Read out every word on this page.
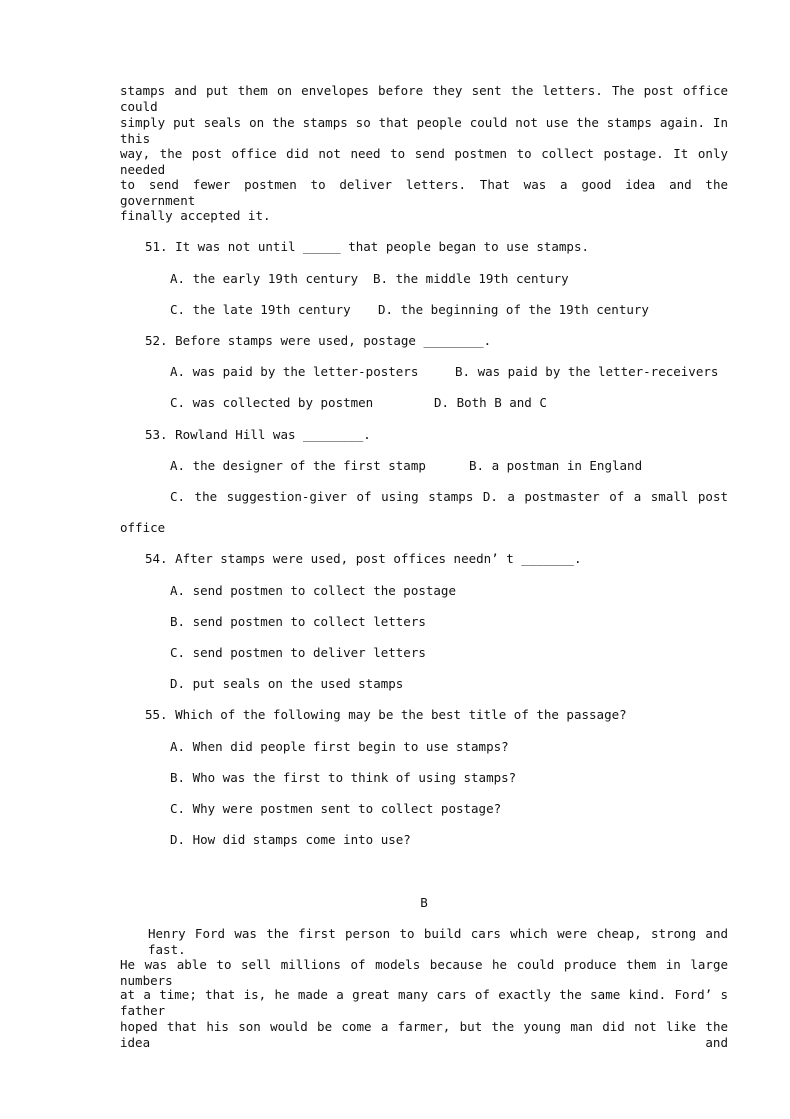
stamps and put them on envelopes before they sent the letters. The post office could
simply put seals on the stamps so that people could not use the stamps again. In this
way, the post office did not need to send postmen to collect postage. It only needed
to send fewer postmen to deliver letters. That was a good idea and the government
finally accepted it.
51. It was not until _____ that people began to use stamps.
A. the early 19th century B. the middle 19th century
C. the late 19th century D. the beginning of the 19th century
52. Before stamps were used, postage ________.
A. was paid by the letter-posters	B. was paid by the letter-receivers
C. was collected by postmen	D. Both B and C
53. Rowland Hill was ________.
A. the designer of the first stamp	B. a postman in England
C. the suggestion-giver of using stamps D. a postmaster of a small post
office
54. After stamps were used, post offices needn’ t _______.
A. send postmen to collect the postage
B. send postmen to collect letters
C. send postmen to deliver letters
D. put seals on the used stamps
55. Which of the following may be the best title of the passage?
A. When did people first begin to use stamps?
B. Who was the first to think of using stamps?
C. Why were postmen sent to collect postage?
D. How did stamps come into use?
B
Henry Ford was the first person to build cars which were cheap, strong and fast.
He was able to sell millions of models because he could produce them in large numbers
at a time; that is, he made a great many cars of exactly the same kind. Ford’ s father
hoped that his son would be come a farmer, but the young man did not like the idea and
